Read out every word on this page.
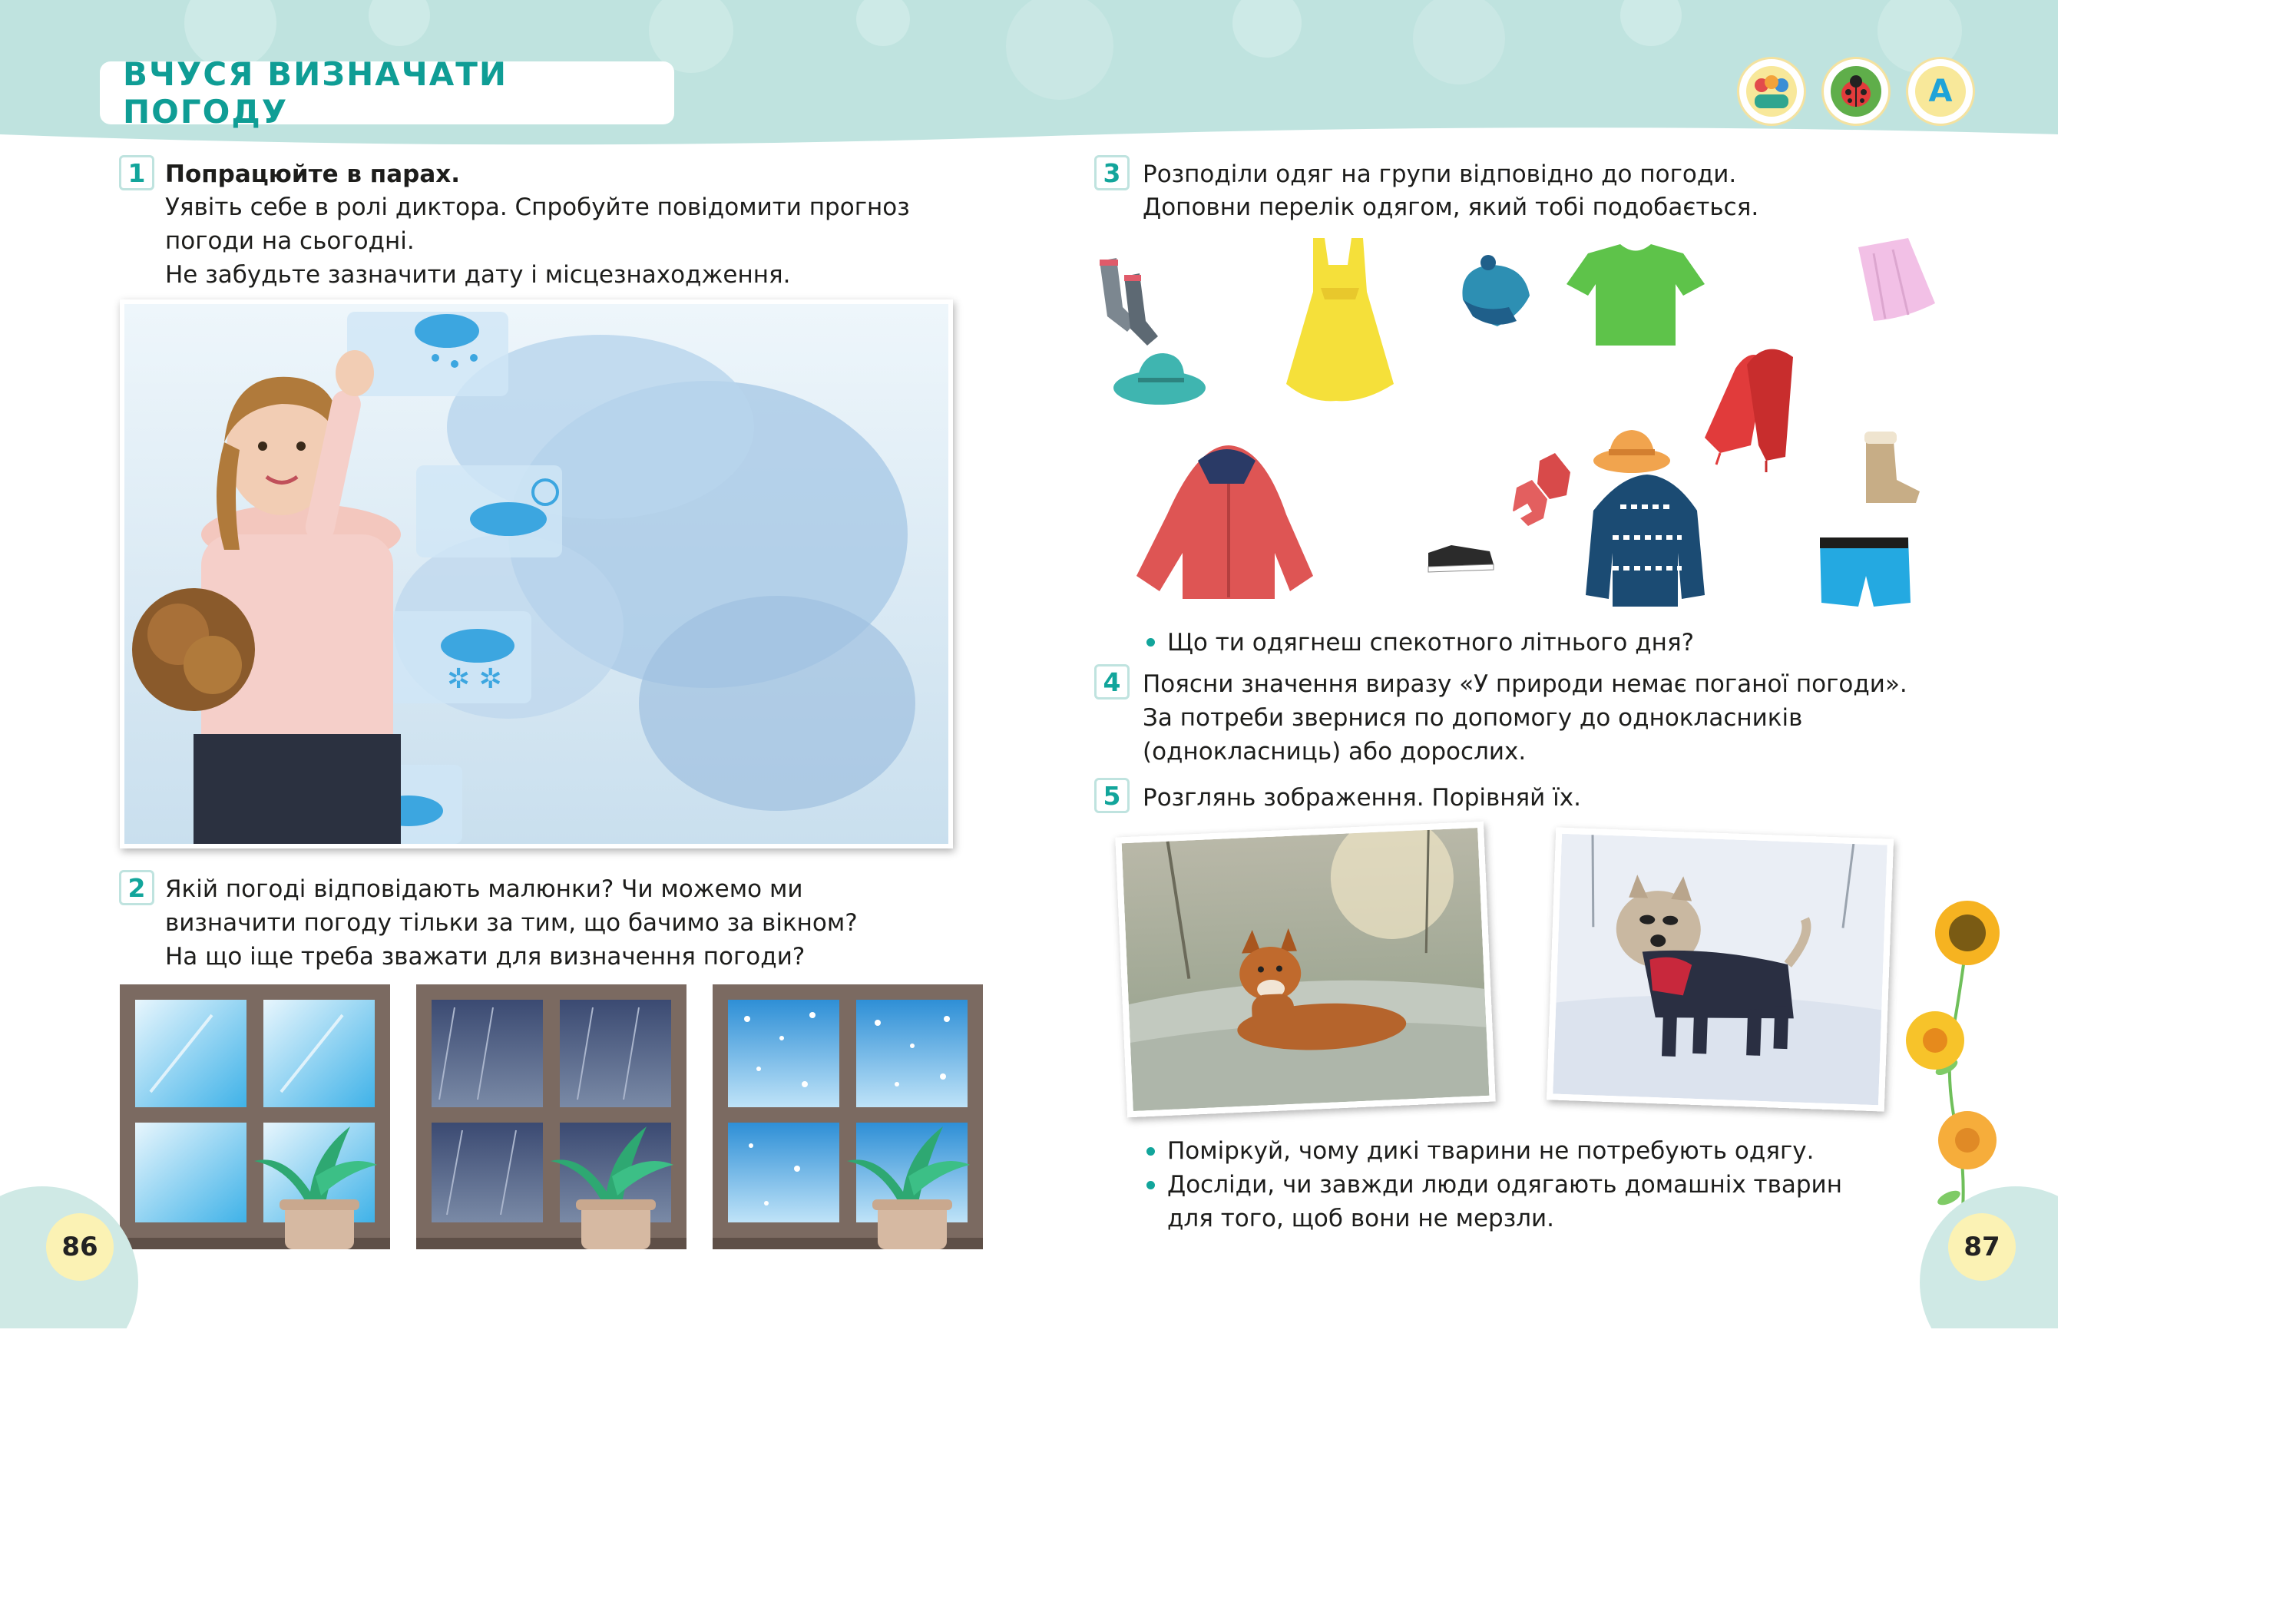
ВЧУСЯ ВИЗНАЧАТИ ПОГОДУ
A
1 Попрацюйте в парах.
Уявіть себе в ролі диктора. Спробуйте повідомити прогноз
погоди на сьогодні.
Не забудьте зазначити дату і місцезнаходження.
✲ ✲
2 Якій погоді відповідають малюнки? Чи можемо ми
визначити погоду тільки за тим, що бачимо за вікном?
На що іще треба зважати для визначення погоди?
86
3 Розподіли одяг на групи відповідно до погоди.
Доповни перелік одягом, який тобі подобається.
Що ти одягнеш спекотного літнього дня?
4 Поясни значення виразу «У природи немає поганої погоди».
За потреби звернися по допомогу до однокласників
(однокласниць) або дорослих.
5 Розглянь зображення. Порівняй їх.
Поміркуй, чому дикі тварини не потребують одягу.
Досліди, чи завжди люди одягають домашніх тварин
для того, щоб вони не мерзли.
87
